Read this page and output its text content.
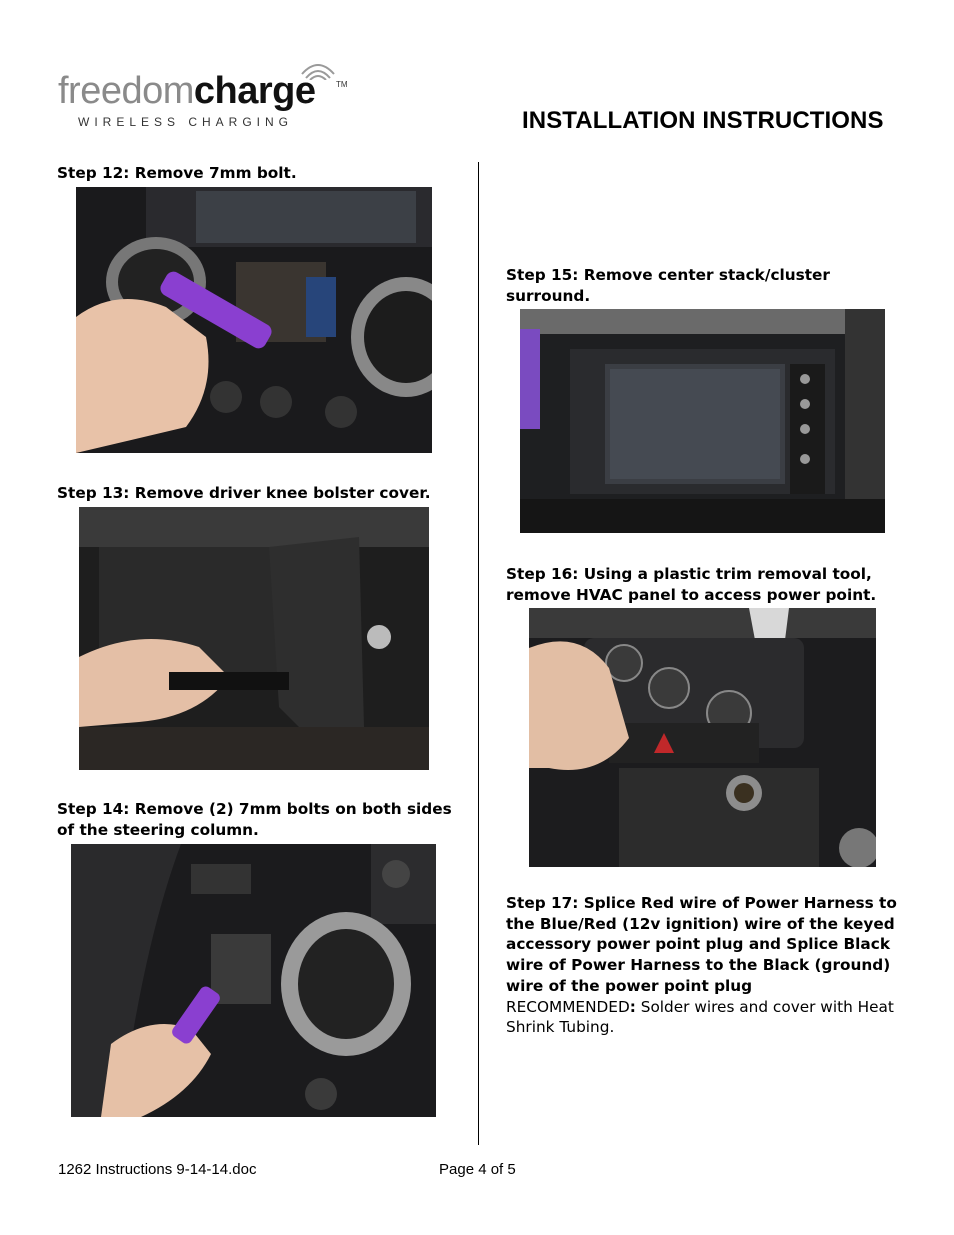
freedomcharge	TM
WIRELESS CHARGING	INSTALLATION INSTRUCTIONS
Step 12: Remove 7mm bolt.
Step 13: Remove driver knee bolster cover.
Step 14: Remove (2) 7mm bolts on both sides of the steering column.
Step 15: Remove center stack/cluster surround.
Step 16: Using a plastic trim removal tool, remove HVAC panel to access power point.
Step 17: Splice Red wire of Power Harness to the Blue/Red (12v ignition) wire of the keyed accessory power point plug and Splice Black wire of Power Harness to the Black (ground) wire of the power point plug
RECOMMENDED: Solder wires and cover with Heat Shrink Tubing.
1262 Instructions 9-14-14.doc	Page 4 of 5
